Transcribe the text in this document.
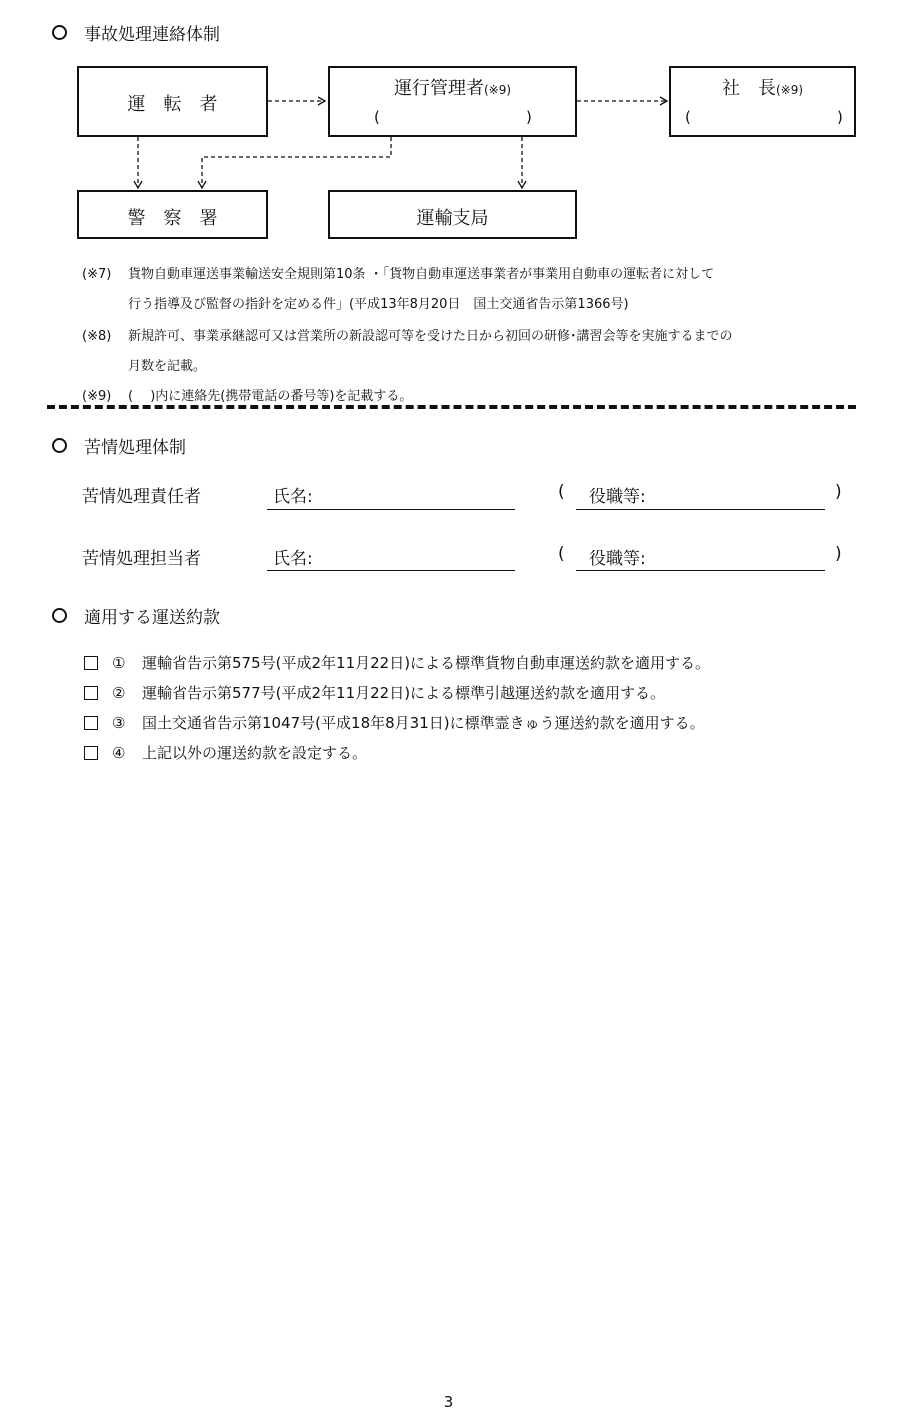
事故処理連絡体制
運　転　者
運行管理者(※9)
(	)
社　長(※9)
(	)
警　察　署	運輸支局
(※7) 貨物自動車運送事業輸送安全規則第10条 ・「貨物自動車運送事業者が事業用自動車の運転者に対して
行う指導及び監督の指針を定める件」(平成13年8月20日　国土交通省告示第1366号)
(※8) 新規許可、事業承継認可又は営業所の新設認可等を受けた日から初回の研修･講習会等を実施するまでの
月数を記載。
(※9) (　 )内に連絡先(携帯電話の番号等)を記載する。
苦情処理体制
苦情処理責任者	氏名:	( 役職等:	)
苦情処理担当者	氏名:	( 役職等:	)
適用する運送約款
①	運輸省告示第575号(平成2年11月22日)による標準貨物自動車運送約款を適用する。
②	運輸省告示第577号(平成2年11月22日)による標準引越運送約款を適用する。
③	国土交通省告示第1047号(平成18年8月31日)に標準霊きゅう運送約款を適用する。
④	上記以外の運送約款を設定する。
3
